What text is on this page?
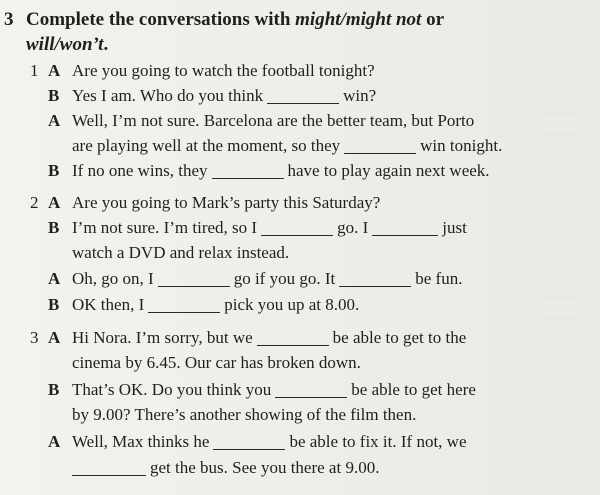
3 Complete the conversations with might/might not or
will/won’t.
1 A Are you going to watch the football tonight?
B Yes I am. Who do you think	win?
A Well, I’m not sure. Barcelona are the better team, but Porto
are playing well at the moment, so they	win tonight.
B If no one wins, they	have to play again next week.
2 A Are you going to Mark’s party this Saturday?
B I’m not sure. I’m tired, so I	go. I	just
watch a DVD and relax instead.
A Oh, go on, I	go if you go. It	be fun.
B OK then, I	pick you up at 8.00.
3 A Hi Nora. I’m sorry, but we	be able to get to the
cinema by 6.45. Our car has broken down.
B That’s OK. Do you think you	be able to get here
by 9.00? There’s another showing of the film then.
A Well, Max thinks he	be able to fix it. If not, we
get the bus. See you there at 9.00.
